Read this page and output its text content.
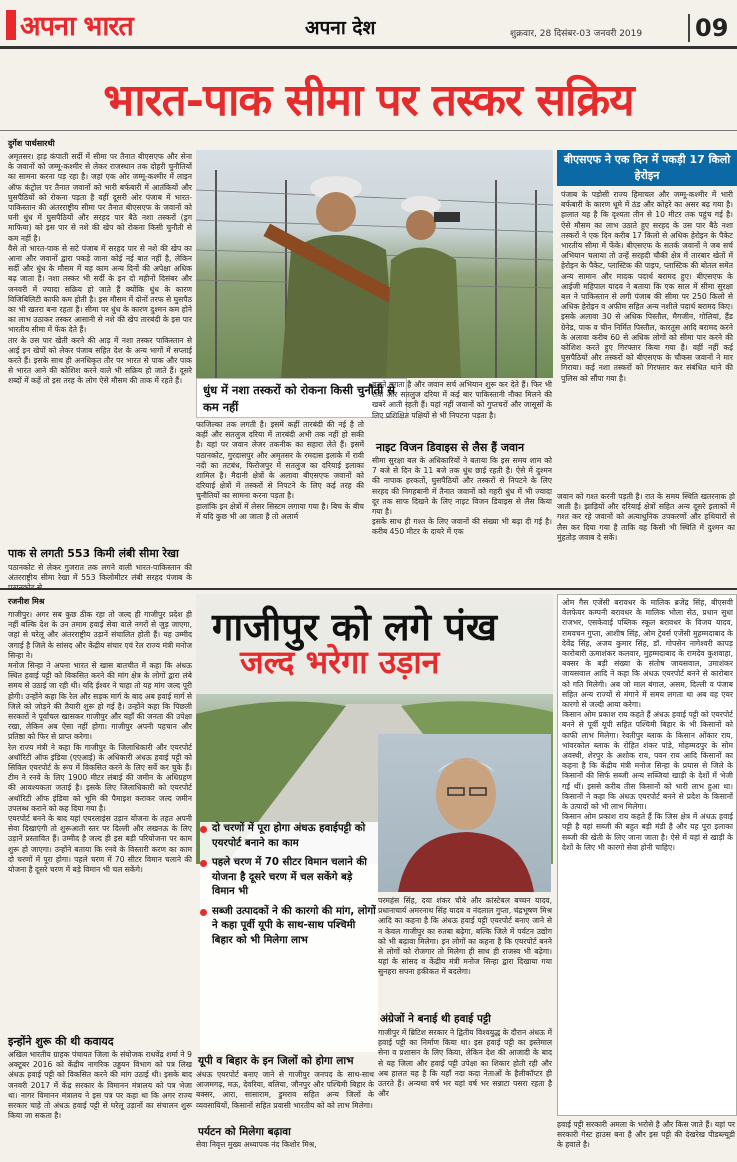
अपना भारत	अपना देश	शुक्रवार, 28 दिसंबर-03 जनवरी 2019 09
भारत-पाक सीमा पर तस्कर सक्रिय
दुर्गेश पार्थसारथी
अमृतसर। हाड़ कंपाती सर्दी में सीमा पर तैनात बीएसएफ और सेना के जवानों को जम्मू-कश्मीर से लेकर राजस्थान तक दोहरी चुनौतियों का सामना करना पड़ रहा है। जहां एक ओर जम्मू-कश्मीर में लाइन ऑफ कंट्रोल पर तैनात जवानों को भारी बर्फबारी में आतंकियों और घुसपैठियों को रोकना पड़ता है वहीं दूसरी ओर पंजाब में भारत-पाकिस्तान की अंतरराष्ट्रीय सीमा पर तैनात बीएसएफ के जवानों को घनी धुंध में घुसपैठियों और सरहद पार बैठे नशा तस्करों (ड्रग माफिया) को इस पार से नशे की खेप को रोकना किसी चुनौती से कम नहीं है।
वैसे तो भारत-पाक से सटे पंजाब में सरहद पार से नशे की खेप का आना और जवानों द्वारा पकड़े जाना कोई नई बात नहीं है, लेकिन सर्दी और धुंध के मौसम में यह काम अन्य दिनों की अपेक्षा अधिक बढ़ जाता है। नशा तस्कर भी सर्दी के इन दो महीनों दिसंबर और जनवरी में ज्यादा सक्रिय हो जाते हैं क्योंकि धुंध के कारण विजिबिलिटी काफी कम होती है। इस मौसम में दोनों तरफ से घुसपैठ का भी खतरा बना रहता है। सीमा पर धुंध के कारण दुश्मन कम होने का लाभ उठाकर तस्कर आसानी से नशे की खेप तारबंदी के इस पार भारतीय सीमा में फेंक देते हैं।
तार के उस पार खेती करने की आड़ में नशा तस्कर पाकिस्तान से आई इन खेपों को लेकर पंजाब सहित देश के अन्य भागों में सप्लाई करते हैं। इसके साथ ही अनधिकृत तौर पर भारत से पाक और पाक से भारत आने की कोशिश करने वाले भी सक्रिय हो जाते हैं। दूसरे शब्दों में कहें तो इस तरह के लोग ऐसे मौसम की ताक में रहते हैं।
पाक से लगती 553 किमी लंबी सीमा रेखा
पठानकोट से लेकर गुजरात तक लगने वाली भारत-पाकिस्तान की अंतरराष्ट्रीय सीमा रेखा में 553 किलोमीटर लंबी सरहद पंजाब के
धुंध में नशा तस्करों को रोकना किसी चुनौती से कम नहीं
फाजिल्का तक लगती है। इसमें कहीं तारबंदी की नई है तो कहीं और सतलुज दरिया में तारबंदी अभी तक नहीं हो सकी है। यहां पर जवान लेजर तकनीक का सहारा लेते हैं। इसमें पठानकोट, गुरदासपुर और अमृतसर के रमदास इलाके में रावी नदी का तटबंध, फिरोजपुर में सतलुज का दरियाई इलाका शामिल है। मैदानी क्षेत्रों के अलावा बीएसएफ जवानों को दरियाई क्षेत्रों में तस्करों से निपटने के लिए कई तरह की चुनौतियों का सामना करना पड़ता है।
हालांकि इन क्षेत्रों में लेसर सिस्टम लगाया गया है। बिच के बीच में यदि कुछ भी आ जाता है तो अलार्म
बजने लगता है और जवान सर्च अभियान शुरू कर देते हैं। फिर भी रावी और सतलुज दरिया में कई बार पाकिस्तानी नौका मिलने की खबरें आती रहती हैं। यहां नहीं जवानों को गुप्तचरों और जासूसों के लिए प्रशिक्षित पक्षियों से भी निपटना पड़ता है।
नाइट विजन डिवाइस से लैस हैं जवान
सीमा सुरक्षा बल के अधिकारियों ने बताया कि इस समय शाम को 7 बजे से दिन के 11 बजे तक धुंध छाई रहती है। ऐसे में दुश्मन की नापाक हरकतों, घुसपैठियों और तस्करों से निपटने के लिए सरहद की निगहबानी में तैनात जवानों को गहरी धुंध में भी ज्यादा दूर तक साफ दिखने के लिए नाइट विजन डिवाइस से लैस किया गया है।
इसके साथ ही गश्त के लिए जवानों की संख्या भी बढ़ा दी गई है। करीब 450 मीटर के दायरे में एक
बीएसएफ ने एक दिन में पकड़ी 17 किलो हेरोइन
पंजाब के पड़ोसी राज्य हिमाचल और जम्मू-कश्मीर में भारी बर्फबारी के कारण धूमे में ठंड और कोहरे का असर बढ़ गया है। हालात यह है कि दृश्यता तीन से 10 मीटर तक पहुंच गई है। ऐसे मौसम का लाभ उठाते हुए सरहद के उस पार बैठे नशा तस्करों ने एक दिन करीब 17 किलो से अधिक हेरोइन के पैकेट भारतीय सीमा में फेंके। बीएसएफ के सतर्क जवानों ने जब सर्च अभियान चलाया तो उन्हें सरहदी चौकी क्षेत्र में तारबार खेतों में हेरोइन के पैकेट, प्लास्टिक की पाइप, प्लास्टिक की बोतल समेत अन्य सामान और मादक पदार्थ बरामद हुए। बीएसएफ के आईजी महिपाल यादव ने बताया कि एक साल में सीमा सुरक्षा बल ने पाकिस्तान से लगी पंजाब की सीमा पर 250 किलो से अधिक हेरोइन व अफीम सहित अन्य नशीले पदार्थ बरामद किए। इसके अलावा 30 से अधिक पिस्तौल, मैगजीन, गोलियां, हैंड ग्रेनेड, पाक व चीन निर्मित पिस्तौल, कारतूस आदि बरामद करने के अलावा करीब 60 से अधिक लोगों को सीमा पार करने की कोशिश करते हुए गिरफ्तार किया गया है। वहीं नहीं कई घुसपैठियों और तस्करों को बीएसएफ के चौकस जवानों ने मार गिराया। कई नशा तस्करों को गिरफ्तार कर संबंधित थाने की पुलिस को सौंपा गया है।
जवान को गश्त करनी पड़ती है। रात के समय स्थिति खतरनाक हो जाती है। झाड़ियों और दरियाई क्षेत्रों सहित अन्य दूसरे इलाकों में गश्त कर रहे जवानों को अत्याधुनिक उपकरणों और हथियारों से लैस कर दिया गया है ताकि वह किसी भी स्थिति में दुश्मन का मुंहतोड़ जवाब दे सकें।
रजनीश मिश्र
गाजीपुर। अगर सब कुछ ठीक रहा तो जल्द ही गाजीपुर प्रदेश ही नहीं बल्कि देश के उन तमाम हवाई सेवा वाले नगरों से जुड़ जाएगा, जहां से घरेलू और अंतरराष्ट्रीय उड़ानें संचालित होती हैं। यह उम्मीद जगाई है जिले के सांसद और केंद्रीय संचार एवं रेल राज्य मंत्री मनोज सिन्हा ने।
मनोज सिन्हा ने अपना भारत से खास बातचीत में कहा कि अंधऊ स्थित हवाई पट्टी को विकसित करने की मांग क्षेत्र के लोगों द्वारा लंबे समय से उठाई जा रही थी। यदि ईश्वर ने चाहा तो यह मांग जल्द पूरी होगी। उन्होंने कहा कि रेल और सड़क मार्ग के बाद अब हवाई मार्ग से जिले को जोड़ने की तैयारी शुरू हो गई है। उन्होंने कहा कि पिछली सरकारों ने पूर्वांचल खासकर गाजीपुर और यहाँ की जनता की उपेक्षा रखा, लेकिन अब ऐसा नहीं होगा। गाजीपुर अपनी पहचान और प्रतिष्ठा को फिर से प्राप्त करेगा।
रेल राज्य मंत्री ने कहा कि गाजीपुर के जिलाधिकारी और एयरपोर्ट अथॉरिटी ऑफ इंडिया (एएआई) के अधिकारी अंधऊ हवाई पट्टी को सिविल एयरपोर्ट के रूप में विकसित करने के लिए सर्वे कर चुके हैं। टीम ने रनवे के लिए 1900 मीटर लंबाई की जमीन के अधिग्रहण की आवश्यकता जताई है। इसके लिए जिलाधिकारी को एयरपोर्ट अथॉरिटी ऑफ इंडिया को भूमि की पैमाइश कराकर जल्द जमीन उपलब्ध कराने को कह दिया गया है।
एयरपोर्ट बनने के बाद यहां एयरलाइंस उड़ान योजना के तहत अपनी सेवा दिखाएंगी तो शुरूआती स्तर पर दिल्ली और लखनऊ के लिए उड़ानें प्रस्तावित हैं। उम्मीद है जल्द ही इस बड़ी परियोजना पर काम शुरू हो जाएगा। उन्होंने बताया कि रनवे के विस्तारी करण का काम दो चरणों में पूरा होगा। पहले चरण में 70 सीटर विमान चलाने की योजना है दूसरे चरण में बड़े विमान भी चल सकेंगे।
इन्होंने शुरू की थी कवायद
अखिल भारतीय ग्राहक पंचायत जिला के संयोजक राधवेंद्र शर्मा ने 9 अक्टूबर 2016 को केंद्रीय नागरिक उड्डयन विभाग को पत्र लिख अंधऊ हवाई पट्टी को विकसित करने की मांग उठाई थी। इसके बाद जनवरी 2017 में केंद्र सरकार के विमानन मंत्रालय को पत्र भेजा था। नागर विमानन मंत्रालय ने इस पत्र पर कहा था कि अगर राज्य सरकार चाहे तो अंधऊ हवाई पट्टी से घरेलू उड़ानों का संचालन शुरू किया जा सकता है।
गाजीपुर को लगे पंख
जल्द भरेगा उड़ान
दो चरणों में पूरा होगा अंधऊ हवाईपट्टी को एयरपोर्ट बनाने का काम
पहले चरण में 70 सीटर विमान चलाने की योजना है दूसरे चरण में चल सकेंगे बड़े विमान भी
सब्जी उत्पादकों ने की कारगो की मांग, लोगों ने कहा पूर्वी यूपी के साथ-साथ पश्चिमी बिहार को भी मिलेगा लाभ
यूपी व बिहार के इन जिलों को होगा लाभ
अंधऊ एयरपोर्ट बनाए जाने से गाजीपुर जनपद के साथ-साथ आजमगढ़, मऊ, देवरिया, बलिया, जौनपुर और पश्चिमी बिहार के बक्सर, आरा, सासाराम, डुमराव सहित अन्य जिलों के व्यवसायियों, किसानों सहित प्रवासी भारतीय को को लाभ मिलेगा।
पर्यटन को मिलेगा बढ़ावा
सेवा निवृत्त मुख्य अध्यापक नंद किशोर मिश्र,
परमहंस सिंह, दया शंकर चौबे और कांस्टेबल बच्चन यादव, प्रधानाचार्य अमरनाथ सिंह यादव व नंदलाल गुप्ता, चंद्रभूषण मिश्र आदि का कहना है कि अंधऊ हवाई पट्टी एयरपोर्ट बनाए जाने से न केवल गाजीपुर का रुतबा बढ़ेगा, बल्कि जिले में पर्यटन उद्योग को भी बढ़ावा मिलेगा। इन लोगों का कहना है कि एयरपोर्ट बनने से लोगों को रोजगार तो मिलेगा ही साथ ही राजस्व भी बढ़ेगा। यहां के सांसद व केंद्रीय मंत्री मनोज सिन्हा द्वारा दिखाया गया सुनहरा सपना हकीकत में बदलेगा।
अंग्रेजों ने बनाई थी हवाई पट्टी
गाजीपुर में ब्रिटिश सरकार ने द्वितीय विश्वयुद्ध के दौरान अंधऊ में हवाई पट्टी का निर्माण किया था। इस हवाई पट्टी का इस्तेमाल सेना व प्रशासन के लिए किया, लेकिन देश की आजादी के बाद से यह जिला और हवाई पट्टी उपेक्षा का शिकार होती रही और अब हालत यह है कि यहाँ नदा कदा नेताओं के हैलीकॉप्टर ही उतरते हैं। अन्यथा वर्ष भर यहां वर्ष भर सन्नाटा पसरा रहता है और
ओम गैस एजेंसी बरावधर के मालिक ब्रजेंद्र सिंह, बीएसवी वेलफेयर कम्पनी बरावधर के मालिक भोला सेठ, प्रधान सुधा राजभर, एसकेवाई पब्लिक स्कूल बरावधर के विजय यादव, रामवचन गुप्ता, आशीष सिंह, ओम ट्रेवर्स एजेंसी मुहम्मदाबाद के देवेंद्र सिंह, अजय कुमार सिंह, डॉ. गोपसेन नागेश्वरी कापड़ कारोबारी ऊमाशंकर कलवार, मुहम्मदाबाद के रामदेव कुशवाहा, बक्सर के बड़ी संख्या के संतोष जायसवाल, उमाशंकर जायसवाल आदि ने कहा कि अंधऊ एयरपोर्ट बनने से कारोबार को गति मिलेगी। अब जो माल बंगाल, असम, दिल्ली व पंजाब सहित अन्य राज्यों से मंगाने में समय लगता था अब वह एयर कारगो से जल्दी आया करेगा।
किसान ओम प्रकाश राय कहते हैं अंधऊ हवाई पट्टी को एयरपोर्ट बनने से पूर्वी यूपी सहित पश्चिमी बिहार के भी किसानों को काफी लाभ मिलेगा। रेवतीपुर ब्लाक के किसान ओंकार राय, भांवरकोल ब्लाक के रोहित शंकर पांडे, मोहम्मदपुर के सोम अवस्थी, शेरपुर के अशोक राय, पवन राय आदि किसानों का कहना है कि केंद्रीय मंत्री मनोज सिन्हा के प्रयास से जिले के किसानों की सिर्फ सब्जी अन्य सब्जियां खाड़ी के देशों में भेजी गईं थीं। इससे करीब तीस किसानों को भारी लाभ हुआ था। किसानों ने कहा कि अंधऊ एयरपोर्ट बनने से प्रदेश के किसानों के उत्पादों को भी लाभ मिलेगा।
किसान ओम प्रकाश राय कहते हैं कि जिस क्षेत्र में अंधऊ हवाई पट्टी है वहां सब्जी की बहुत बड़ी मंडी है और यह पूरा इलाका सब्जी की खेती के लिए जाना जाता है। ऐसे में यहां से खाड़ी के देशों के लिए भी कारगो सेवा होनी चाहिए।
हवाई पट्टी सरकारी अमला के भरोसे है और किस जाते हैं। यहां पर सरकारी गेस्ट हाउस बना है और इस पट्टी की देखरेख पीडब्ल्यूडी के हवाले है।
